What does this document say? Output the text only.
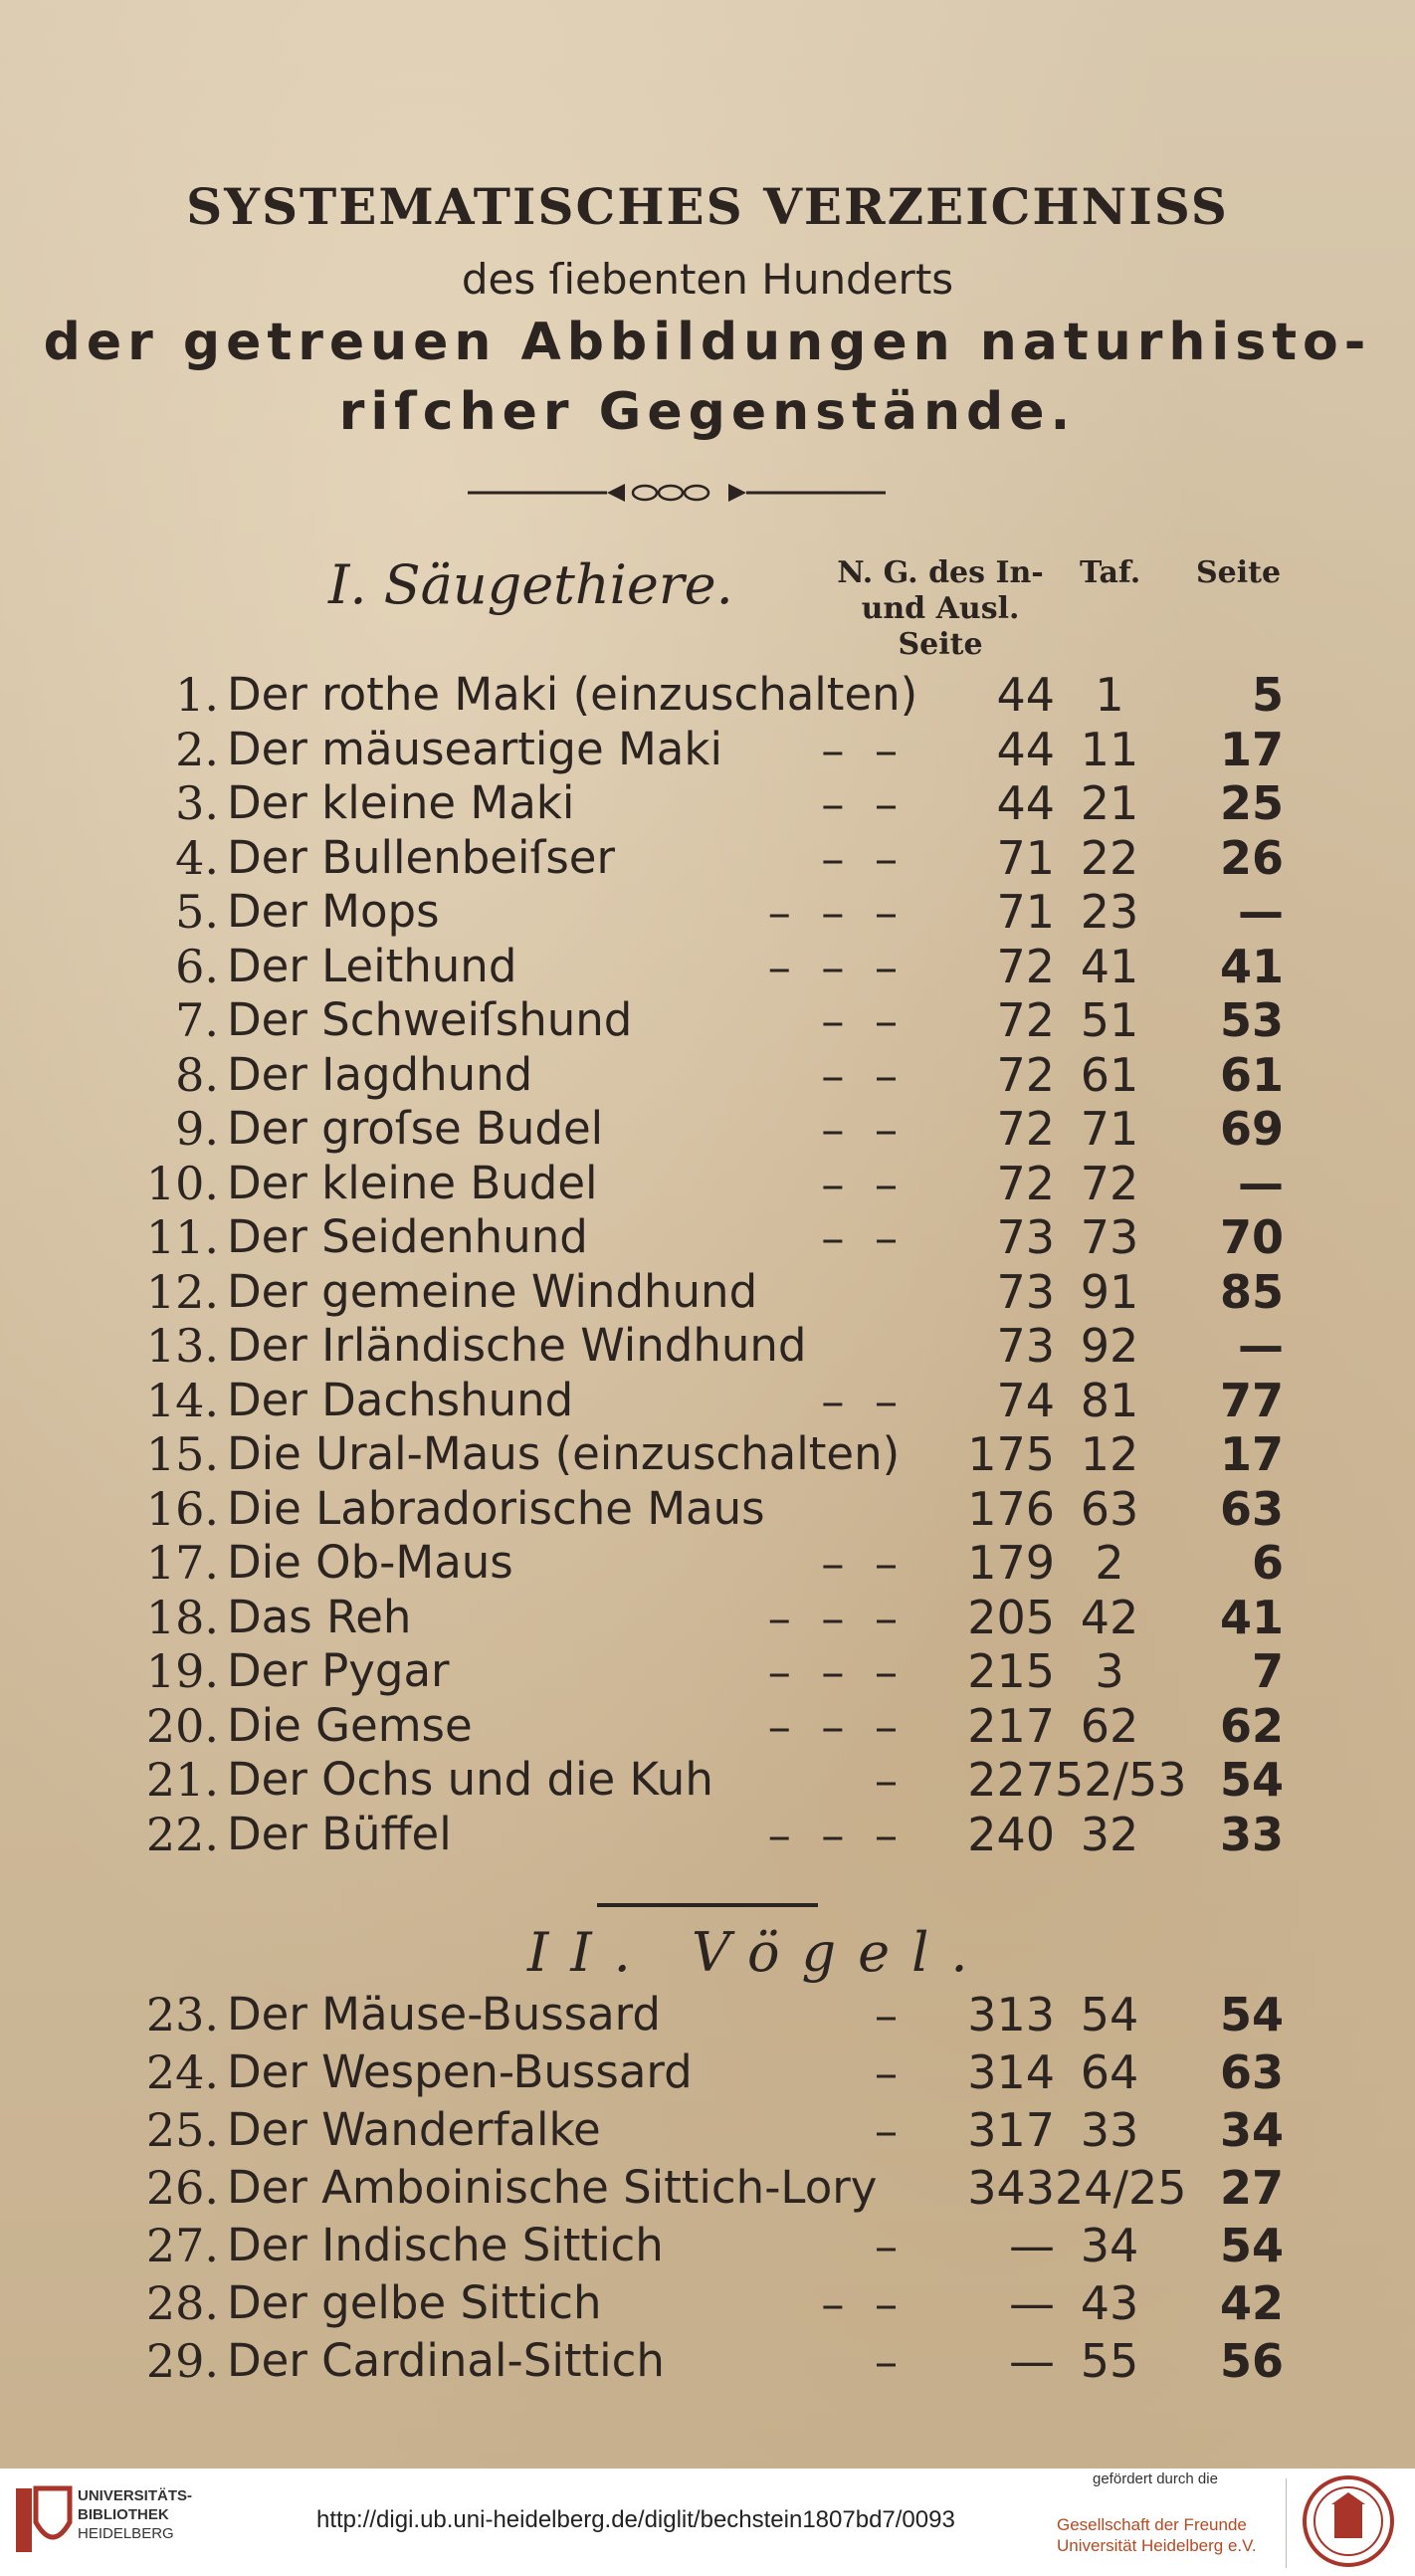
SYSTEMATISCHES VERZEICHNISS
des ſiebenten Hunderts
der getreuen Abbildungen naturhisto-
riſcher Gegenstände.
I. Säugethiere.	N. G. des In-
und Ausl.
Seite
Taf. Seite
1. Der rothe Maki (einzuschalten)	44 1	5
2. Der mäuseartige Maki	– –	44 11	17
3. Der kleine Maki	– –	44 21	25
4. Der Bullenbeiſser	– –	71 22	26
5. Der Mops	– – –	71 23	—
6. Der Leithund	– – –	72 41	41
7. Der Schweiſshund	– –	72 51	53
8. Der Iagdhund	– –	72 61	61
9. Der groſse Budel	– –	72 71	69
10. Der kleine Budel	– –	72 72	—
11. Der Seidenhund	– –	73 73	70
12. Der gemeine Windhund	73 91	85
13. Der Irländische Windhund	73 92	—
14. Der Dachshund	– –	74 81	77
15. Die Ural-Maus (einzuschalten)	175 12	17
16. Die Labradorische Maus	176 63	63
17. Die Ob-Maus	– –	179 2	6
18. Das Reh	– – –	205 42	41
19. Der Pygar	– – –	215 3	7
20. Die Gemse	– – –	217 62	62
21. Der Ochs und die Kuh	–	227 52/53 54
22. Der Büffel	– – –	240 32	33
II. Vögel.
23. Der Mäuse-Bussard	–	313 54	54
24. Der Wespen-Bussard	–	314 64	63
25. Der Wanderfalke	–	317 33	34
26. Der Amboinische Sittich-Lory	343 24/25 27
27. Der Indische Sittich	–	— 34	54
28. Der gelbe Sittich	– –	— 43	42
29. Der Cardinal-Sittich	–	— 55	56
UNIVERSITÄTS-
BIBLIOTHEK
HEIDELBERG
http://digi.ub.uni-heidelberg.de/diglit/bechstein1807bd7/0093
gefördert durch die
Gesellschaft der Freunde
Universität Heidelberg e.V.
